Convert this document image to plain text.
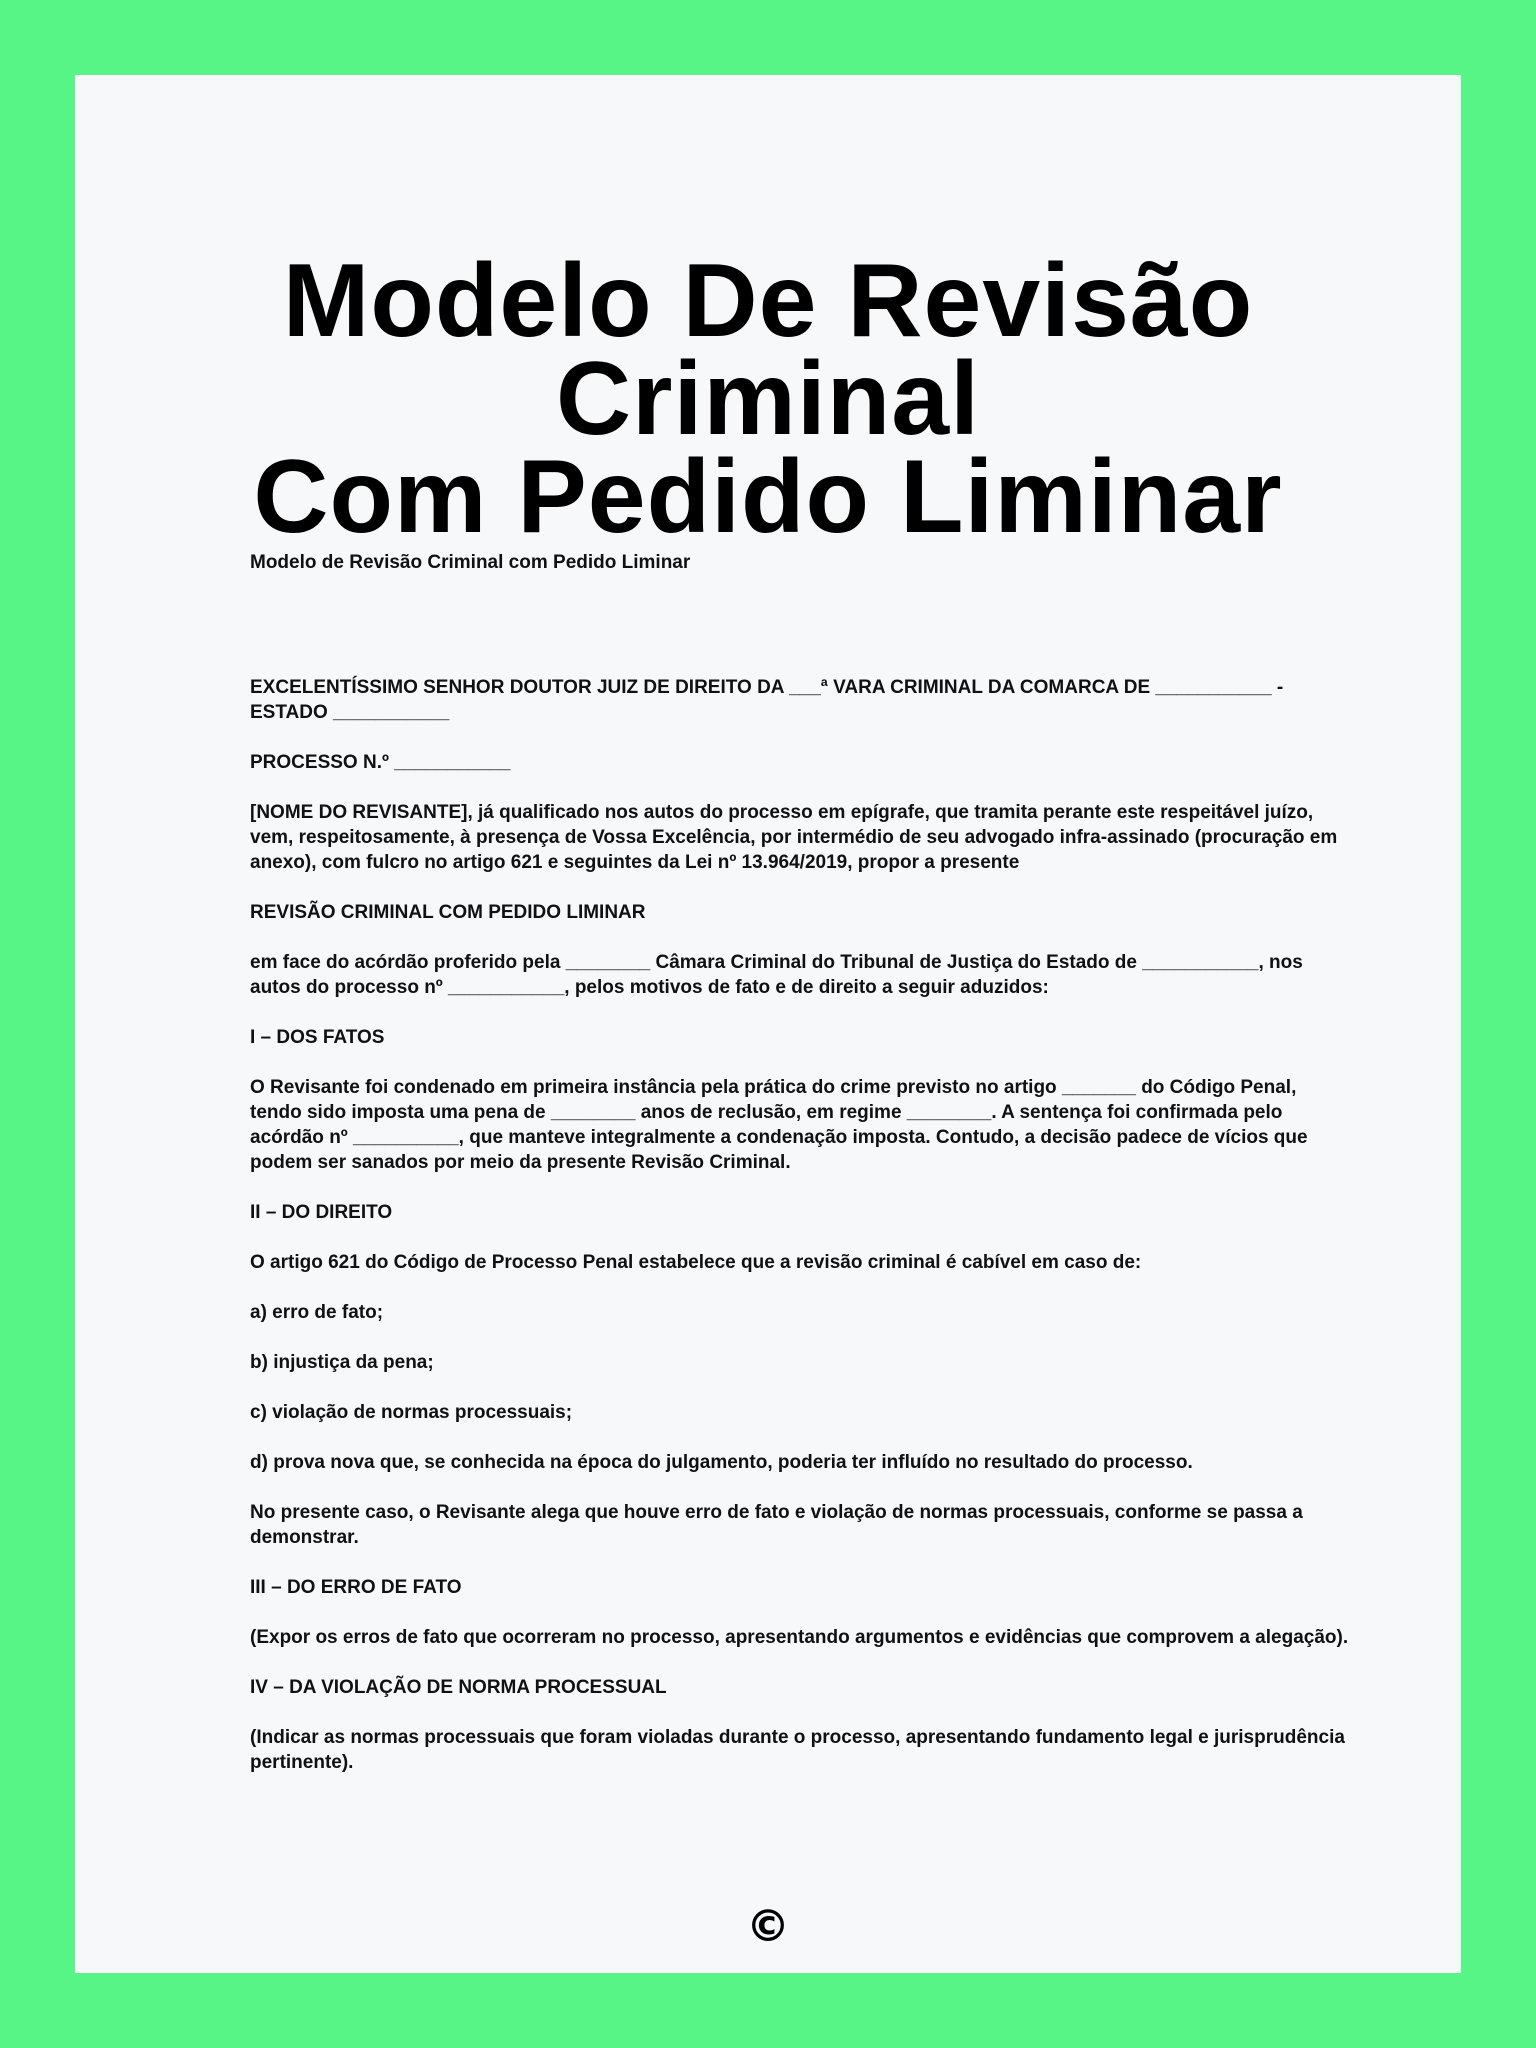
Modelo De Revisão Criminal
Com Pedido Liminar

Modelo de Revisão Criminal com Pedido Liminar

EXCELENTÍSSIMO SENHOR DOUTOR JUIZ DE DIREITO DA ___ª VARA CRIMINAL DA COMARCA DE ___________ - ESTADO ___________

PROCESSO N.º ___________

[NOME DO REVISANTE], já qualificado nos autos do processo em epígrafe, que tramita perante este respeitável juízo, vem, respeitosamente, à presença de Vossa Excelência, por intermédio de seu advogado infra-assinado (procuração em anexo), com fulcro no artigo 621 e seguintes da Lei nº 13.964/2019, propor a presente

REVISÃO CRIMINAL COM PEDIDO LIMINAR

em face do acórdão proferido pela ________ Câmara Criminal do Tribunal de Justiça do Estado de ___________, nos autos do processo nº ___________, pelos motivos de fato e de direito a seguir aduzidos:

I – DOS FATOS

O Revisante foi condenado em primeira instância pela prática do crime previsto no artigo _______ do Código Penal, tendo sido imposta uma pena de ________ anos de reclusão, em regime ________. A sentença foi confirmada pelo acórdão nº __________, que manteve integralmente a condenação imposta. Contudo, a decisão padece de vícios que podem ser sanados por meio da presente Revisão Criminal.

II – DO DIREITO

O artigo 621 do Código de Processo Penal estabelece que a revisão criminal é cabível em caso de:

a) erro de fato;

b) injustiça da pena;

c) violação de normas processuais;

d) prova nova que, se conhecida na época do julgamento, poderia ter influído no resultado do processo.

No presente caso, o Revisante alega que houve erro de fato e violação de normas processuais, conforme se passa a demonstrar.

III – DO ERRO DE FATO

(Expor os erros de fato que ocorreram no processo, apresentando argumentos e evidências que comprovem a alegação).

IV – DA VIOLAÇÃO DE NORMA PROCESSUAL

(Indicar as normas processuais que foram violadas durante o processo, apresentando fundamento legal e jurisprudência pertinente).

©
